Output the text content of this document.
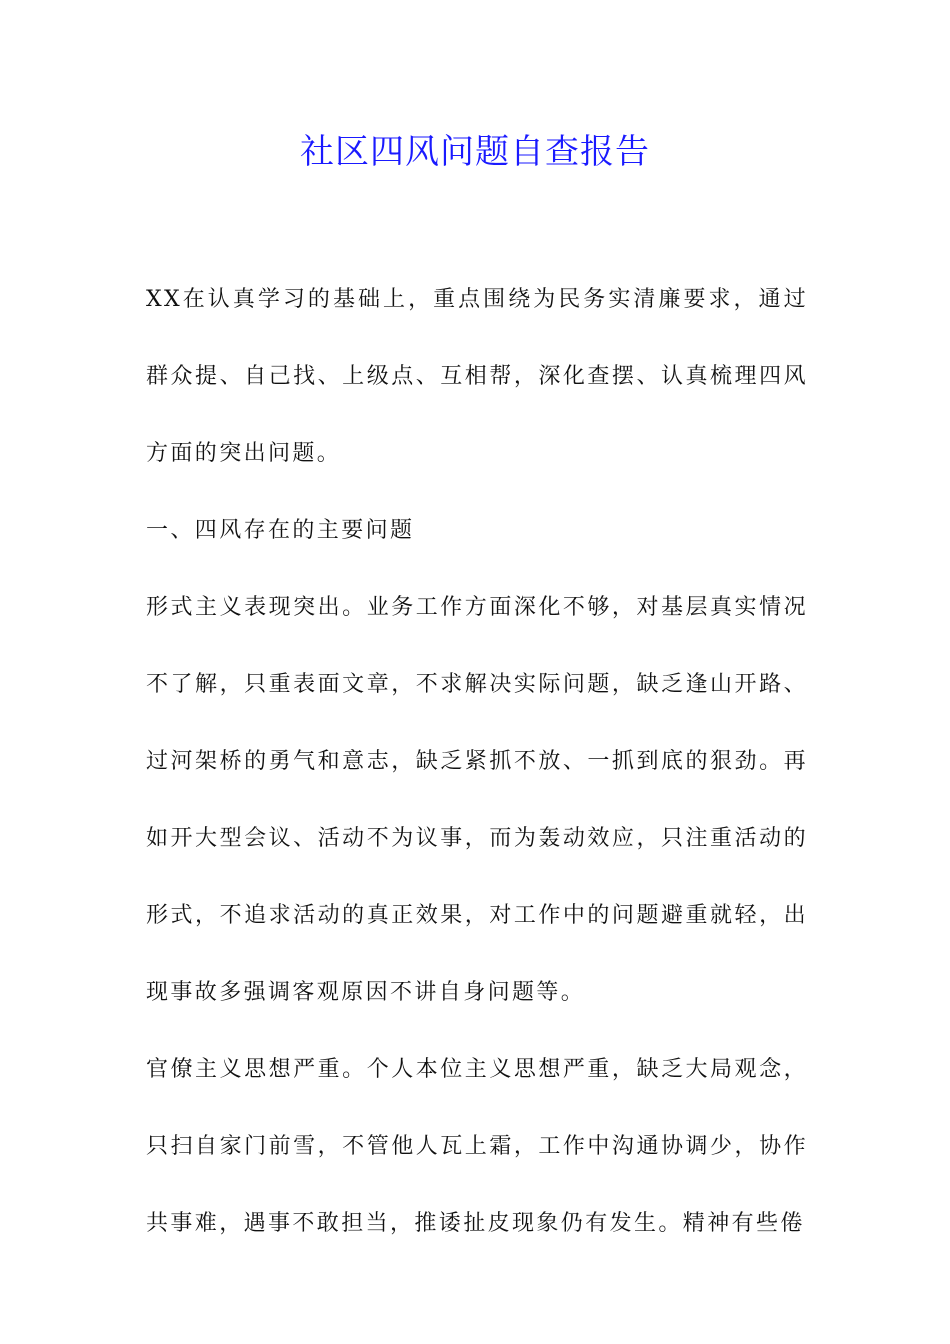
社区四风问题自查报告

XX在认真学习的基础上，重点围绕为民务实清廉要求，通过群众提、自己找、上级点、互相帮，深化查摆、认真梳理四风方面的突出问题。

一、四风存在的主要问题

形式主义表现突出。业务工作方面深化不够，对基层真实情况不了解，只重表面文章，不求解决实际问题，缺乏逢山开路、过河架桥的勇气和意志，缺乏紧抓不放、一抓到底的狠劲。再如开大型会议、活动不为议事，而为轰动效应，只注重活动的形式，不追求活动的真正效果，对工作中的问题避重就轻，出现事故多强调客观原因不讲自身问题等。

官僚主义思想严重。个人本位主义思想严重，缺乏大局观念，只扫自家门前雪，不管他人瓦上霜，工作中沟通协调少，协作共事难，遇事不敢担当，推诿扯皮现象仍有发生。精神有些倦
